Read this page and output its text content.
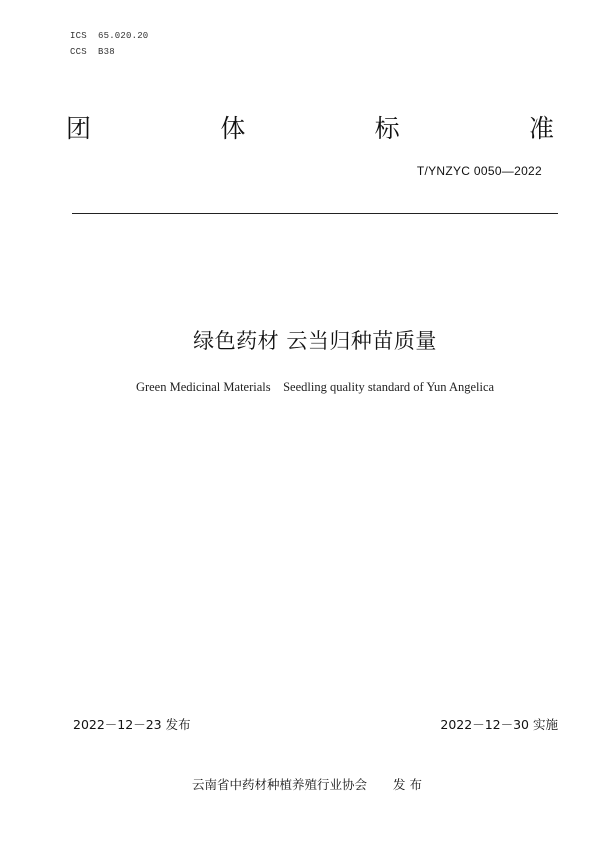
ICS  65.020.20
CCS  B38
团	体	标	准
T/YNZYC 0050—2022
绿色药材 云当归种苗质量
Green Medicinal Materials    Seedling quality standard of Yun Angelica
2022－12－23 发布	2022－12－30 实施
云南省中药材种植养殖行业协会 发 布
